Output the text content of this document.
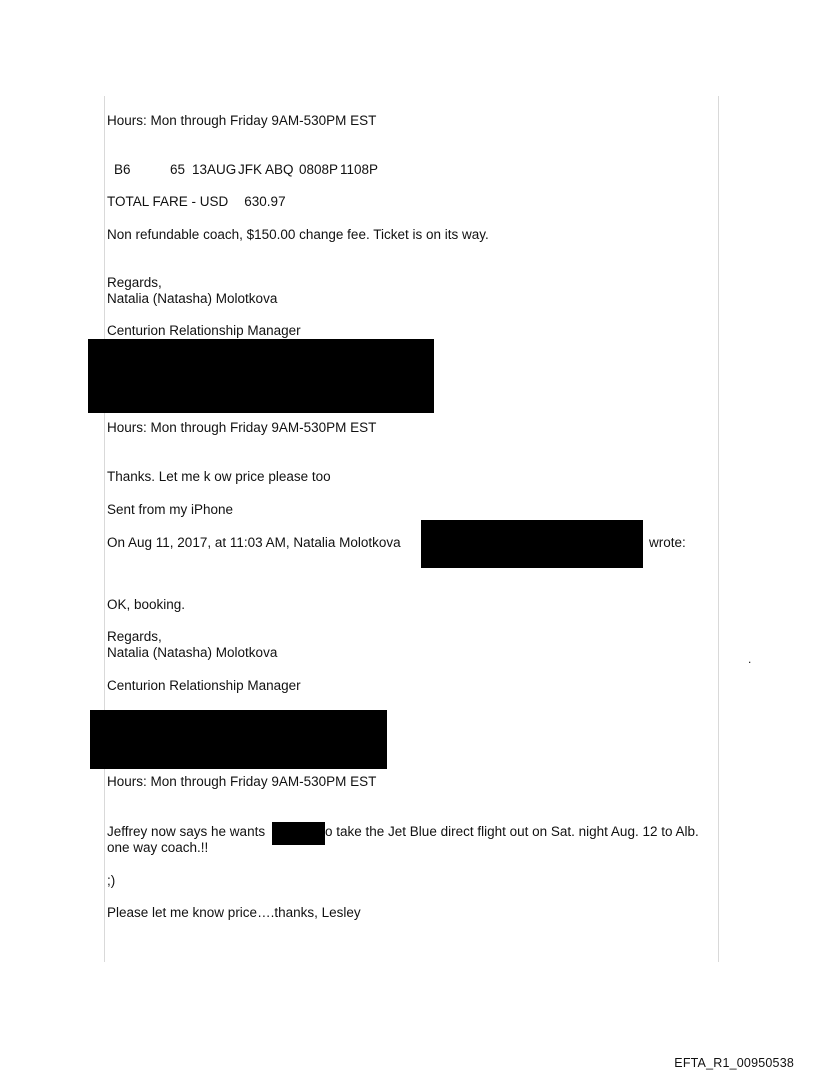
Hours: Mon through Friday 9AM-530PM EST
B6	65 13AUG JFK ABQ 0808P 1108P
TOTAL FARE - USD 630.97
Non refundable coach, $150.00 change fee. Ticket is on its way.
Regards,
Natalia (Natasha) Molotkova
Centurion Relationship Manager
Hours: Mon through Friday 9AM-530PM EST
Thanks. Let me k ow price please too
Sent from my iPhone
On Aug 11, 2017, at 11:03 AM, Natalia Molotkova	wrote:
OK, booking.
Regards,
Natalia (Natasha) Molotkova
Centurion Relationship Manager
Hours: Mon through Friday 9AM-530PM EST
Jeffrey now says he wants	o take the Jet Blue direct flight out on Sat. night Aug. 12 to Alb.
one way coach.!!
;)
Please let me know price….thanks, Lesley
.
EFTA_R1_00950538
